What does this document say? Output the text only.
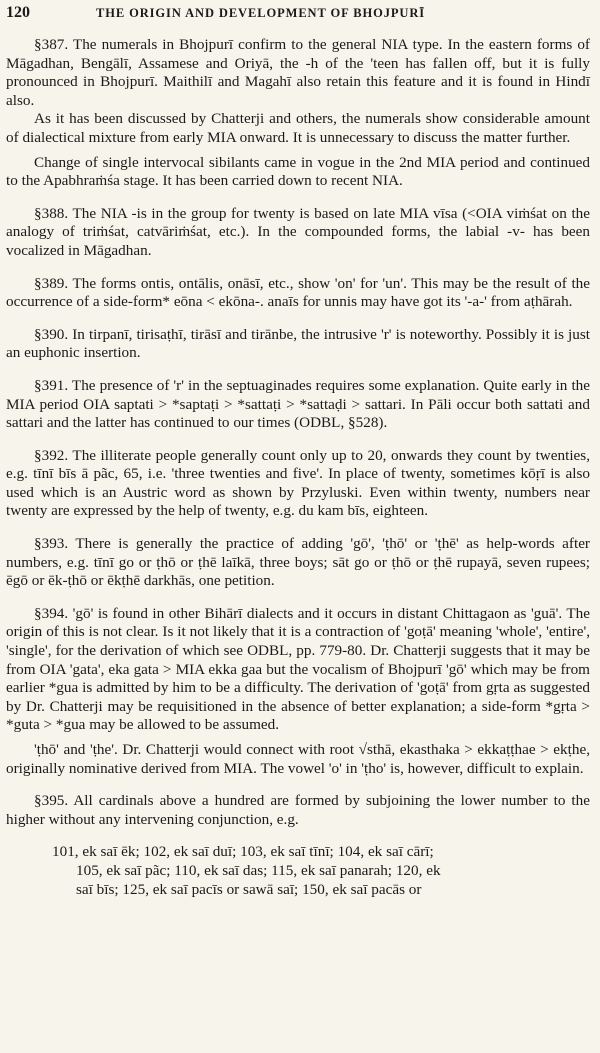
120	THE ORIGIN AND DEVELOPMENT OF BHOJPURĪ

§387. The numerals in Bhojpurī confirm to the general NIA type. In the eastern forms of Māgadhan, Bengālī, Assamese and Oriyā, the -h of the 'teen has fallen off, but it is fully pronounced in Bhojpurī. Maithilī and Magahī also retain this feature and it is found in Hindī also.

As it has been discussed by Chatterji and others, the numerals show considerable amount of dialectical mixture from early MIA onward. It is unnecessary to discuss the matter further.

Change of single intervocal sibilants came in vogue in the 2nd MIA period and continued to the Apabhraṁśa stage. It has been carried down to recent NIA.

§388. The NIA -is in the group for twenty is based on late MIA vīsa (<OIA viṁśat on the analogy of triṁśat, catvāriṁśat, etc.). In the compounded forms, the labial -v- has been vocalized in Māgadhan.

§389. The forms ontis, ontālis, onāsī, etc., show 'on' for 'un'. This may be the result of the occurrence of a side-form* eōna < ekōna-. anaīs for unnis may have got its '-a-' from aṭhārah.

§390. In tirpanī, tirisaṭhī, tirāsī and tirānbe, the intrusive 'r' is noteworthy. Possibly it is just an euphonic insertion.

§391. The presence of 'r' in the septuaginades requires some explanation. Quite early in the MIA period OIA saptati > *saptaṭi > *sattaṭi > *sattaḍi > sattari. In Pāli occur both sattati and sattari and the latter has continued to our times (ODBL, §528).

§392. The illiterate people generally count only up to 20, onwards they count by twenties, e.g. tīnī bīs ā pãc, 65, i.e. 'three twenties and five'. In place of twenty, sometimes kōṛī is also used which is an Austric word as shown by Przyluski. Even within twenty, numbers near twenty are expressed by the help of twenty, e.g. du kam bīs, eighteen.

§393. There is generally the practice of adding 'gō', 'ṭhō' or 'ṭhē' as help-words after numbers, e.g. tīnī go or ṭhō or ṭhē laīkā, three boys; sāt go or ṭhō or ṭhē rupayā, seven rupees; ēgō or ēk-ṭhō or ēkṭhē darkhās, one petition.

§394. 'gō' is found in other Bihārī dialects and it occurs in distant Chittagaon as 'guā'. The origin of this is not clear. Is it not likely that it is a contraction of 'goṭā' meaning 'whole', 'entire', 'single', for the derivation of which see ODBL, pp. 779-80. Dr. Chatterji suggests that it may be from OIA 'gata', eka gata > MIA ekka gaa but the vocalism of Bhojpurī 'gō' which may be from earlier *gua is admitted by him to be a difficulty. The derivation of 'goṭā' from gṛta as suggested by Dr. Chatterji may be requisitioned in the absence of better explanation; a side-form *gṛta > *guta > *gua may be allowed to be assumed.

'ṭhō' and 'ṭhe'. Dr. Chatterji would connect with root √sthā, ekasthaka > ekkaṭṭhae > ekṭhe, originally nominative derived from MIA. The vowel 'o' in 'ṭho' is, however, difficult to explain.

§395. All cardinals above a hundred are formed by subjoining the lower number to the higher without any intervening conjunction, e.g.

101, ek saī ēk; 102, ek saī duī; 103, ek saī tīnī; 104, ek saī cārī;
105, ek saī pãc; 110, ek saī das; 115, ek saī panarah; 120, ek
saī bīs; 125, ek saī pacīs or sawā saī; 150, ek saī pacās or
